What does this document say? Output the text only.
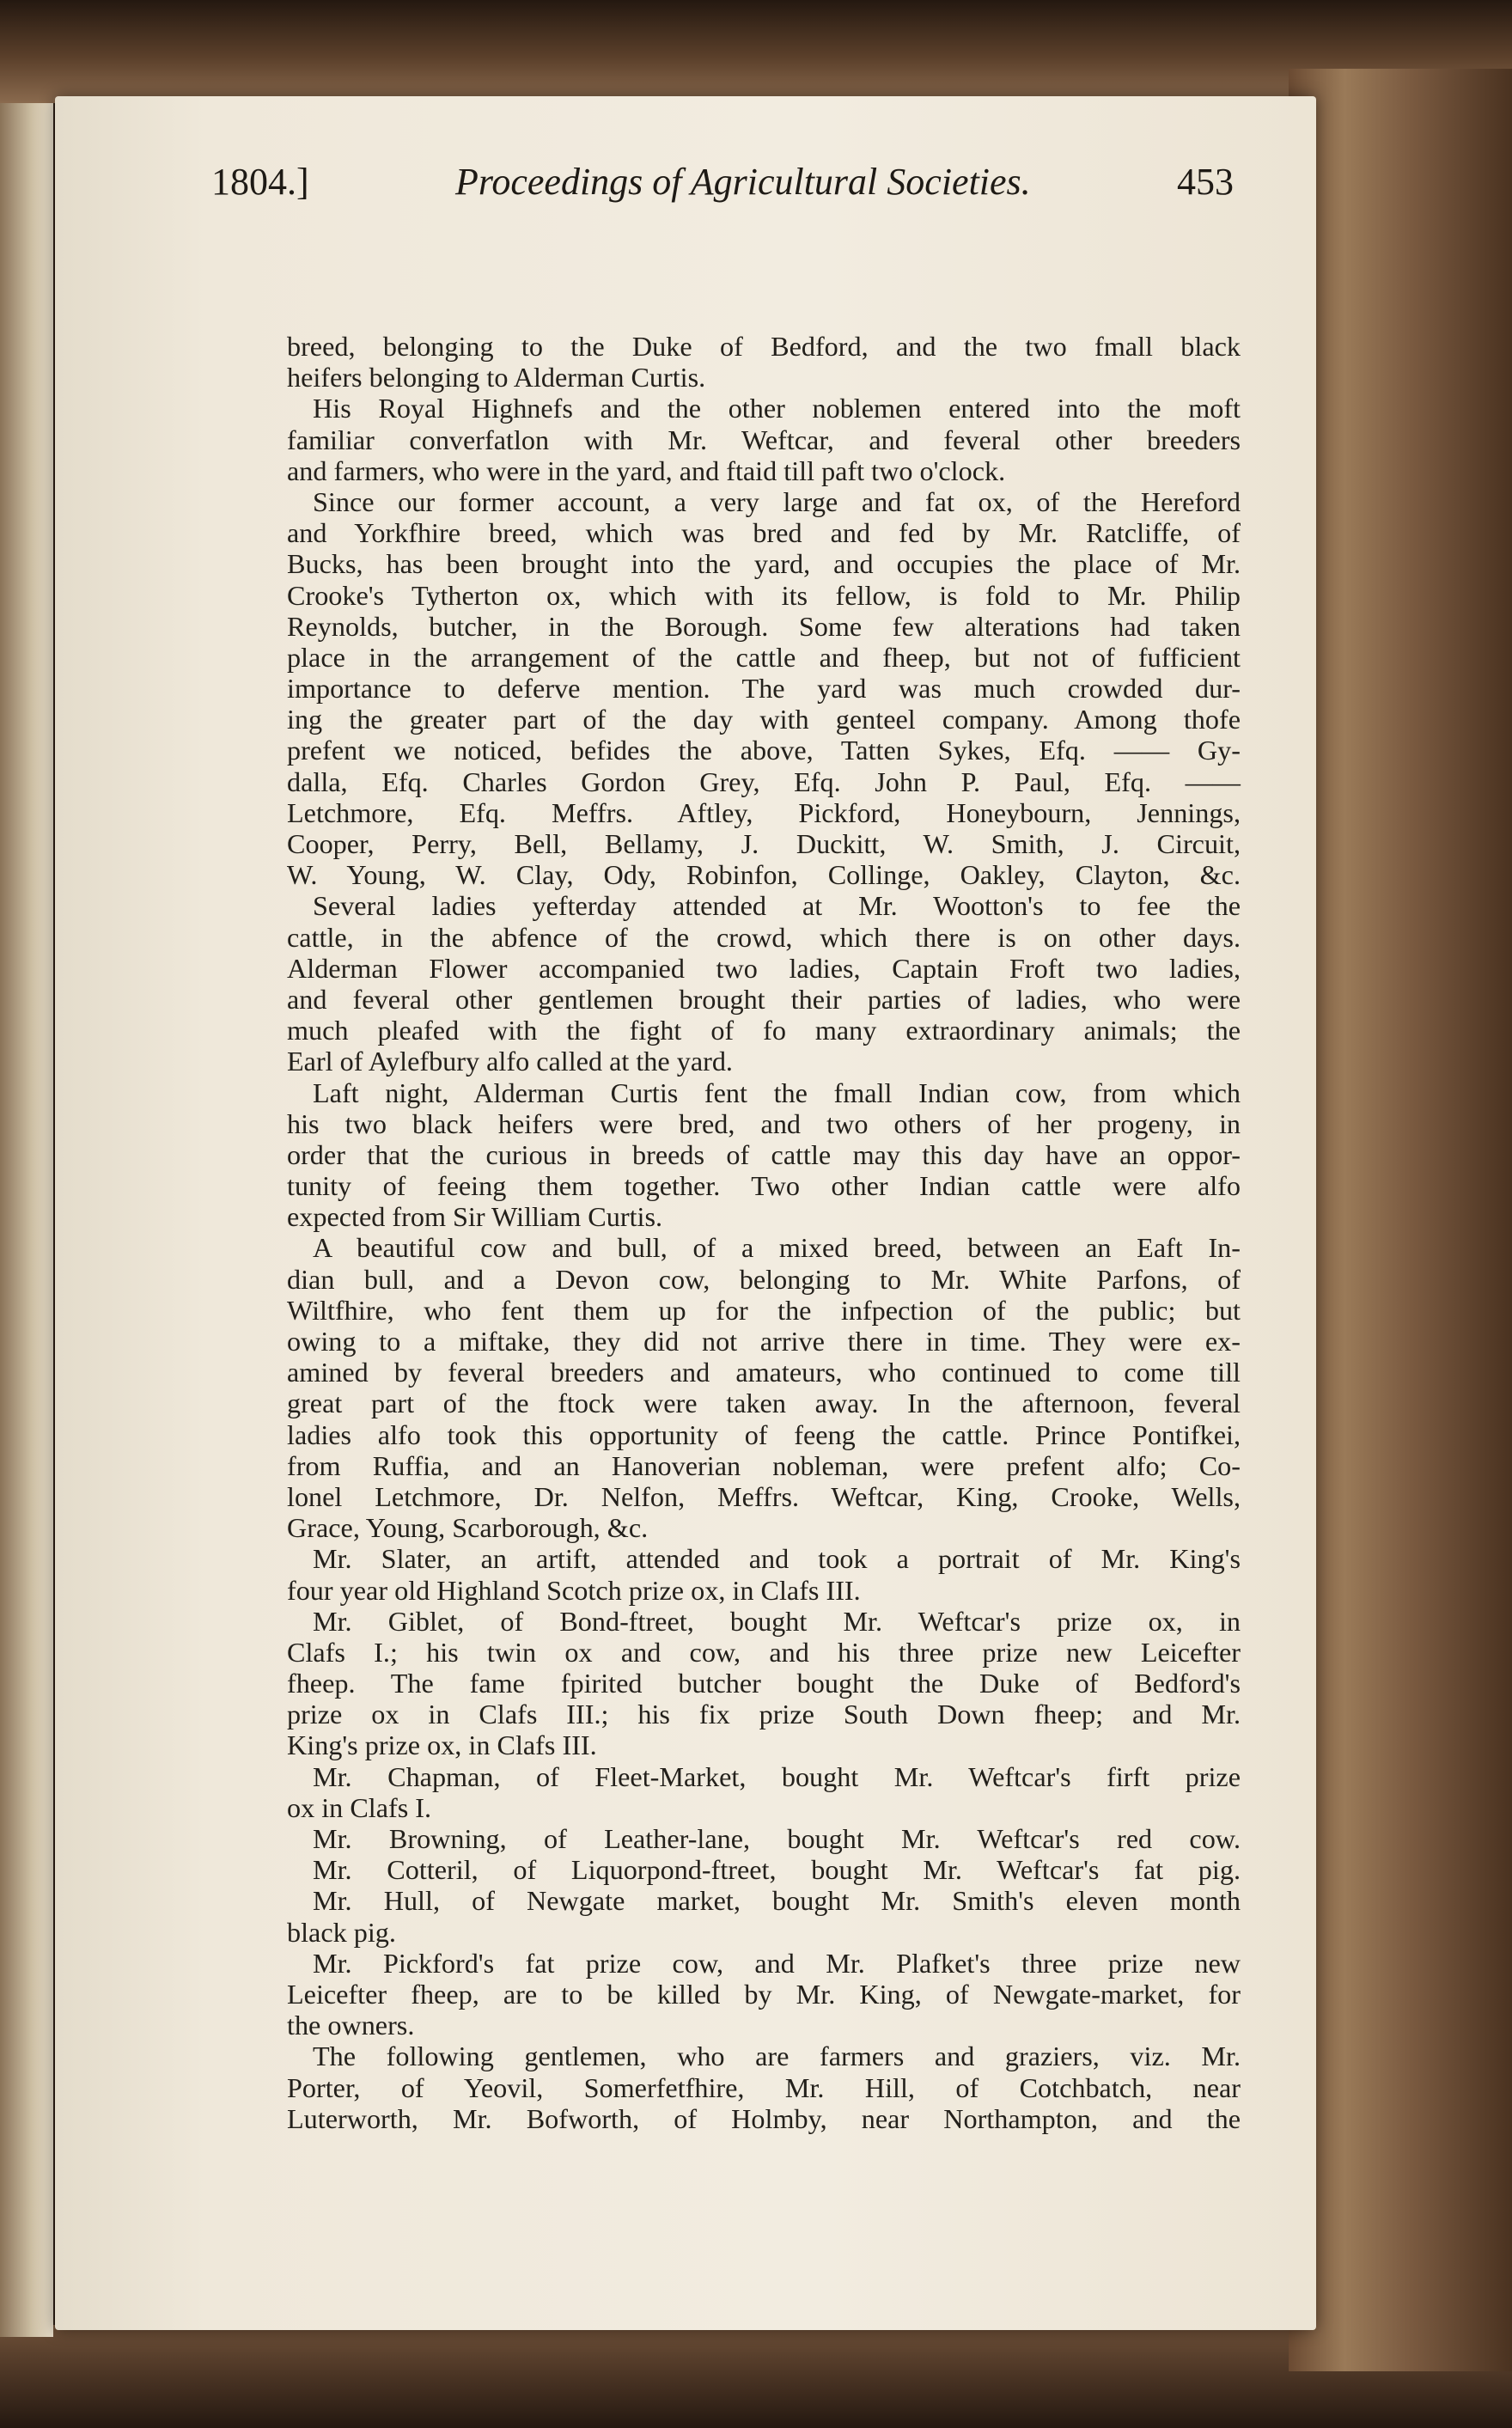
1804.]	Proceedings of Agricultural Societies.	453
breed, belonging to the Duke of Bedford, and the two fmall black
heifers belonging to Alderman Curtis.
His Royal Highnefs and the other noblemen entered into the moft
familiar converfatlon with Mr. Weftcar, and feveral other breeders
and farmers, who were in the yard, and ftaid till paft two o'clock.
Since our former account, a very large and fat ox, of the Hereford
and Yorkfhire breed, which was bred and fed by Mr. Ratcliffe, of
Bucks, has been brought into the yard, and occupies the place of Mr.
Crooke's Tytherton ox, which with its fellow, is fold to Mr. Philip
Reynolds, butcher, in the Borough. Some few alterations had taken
place in the arrangement of the cattle and fheep, but not of fufficient
importance to deferve mention. The yard was much crowded dur-
ing the greater part of the day with genteel company. Among thofe
prefent we noticed, befides the above, Tatten Sykes, Efq. —— Gy-
dalla, Efq. Charles Gordon Grey, Efq. John P. Paul, Efq. ——
Letchmore, Efq. Meffrs. Aftley, Pickford, Honeybourn, Jennings,
Cooper, Perry, Bell, Bellamy, J. Duckitt, W. Smith, J. Circuit,
W. Young, W. Clay, Ody, Robinfon, Collinge, Oakley, Clayton, &c.
Several ladies yefterday attended at Mr. Wootton's to fee the
cattle, in the abfence of the crowd, which there is on other days.
Alderman Flower accompanied two ladies, Captain Froft two ladies,
and feveral other gentlemen brought their parties of ladies, who were
much pleafed with the fight of fo many extraordinary animals; the
Earl of Aylefbury alfo called at the yard.
Laft night, Alderman Curtis fent the fmall Indian cow, from which
his two black heifers were bred, and two others of her progeny, in
order that the curious in breeds of cattle may this day have an oppor-
tunity of feeing them together. Two other Indian cattle were alfo
expected from Sir William Curtis.
A beautiful cow and bull, of a mixed breed, between an Eaft In-
dian bull, and a Devon cow, belonging to Mr. White Parfons, of
Wiltfhire, who fent them up for the infpection of the public; but
owing to a miftake, they did not arrive there in time. They were ex-
amined by feveral breeders and amateurs, who continued to come till
great part of the ftock were taken away. In the afternoon, feveral
ladies alfo took this opportunity of feeng the cattle. Prince Pontifkei,
from Ruffia, and an Hanoverian nobleman, were prefent alfo; Co-
lonel Letchmore, Dr. Nelfon, Meffrs. Weftcar, King, Crooke, Wells,
Grace, Young, Scarborough, &c.
Mr. Slater, an artift, attended and took a portrait of Mr. King's
four year old Highland Scotch prize ox, in Clafs III.
Mr. Giblet, of Bond-ftreet, bought Mr. Weftcar's prize ox, in
Clafs I.; his twin ox and cow, and his three prize new Leicefter
fheep. The fame fpirited butcher bought the Duke of Bedford's
prize ox in Clafs III.; his fix prize South Down fheep; and Mr.
King's prize ox, in Clafs III.
Mr. Chapman, of Fleet-Market, bought Mr. Weftcar's firft prize
ox in Clafs I.
Mr. Browning, of Leather-lane, bought Mr. Weftcar's red cow.
Mr. Cotteril, of Liquorpond-ftreet, bought Mr. Weftcar's fat pig.
Mr. Hull, of Newgate market, bought Mr. Smith's eleven month
black pig.
Mr. Pickford's fat prize cow, and Mr. Plafket's three prize new
Leicefter fheep, are to be killed by Mr. King, of Newgate-market, for
the owners.
The following gentlemen, who are farmers and graziers, viz. Mr.
Porter, of Yeovil, Somerfetfhire, Mr. Hill, of Cotchbatch, near
Luterworth, Mr. Bofworth, of Holmby, near Northampton, and the
